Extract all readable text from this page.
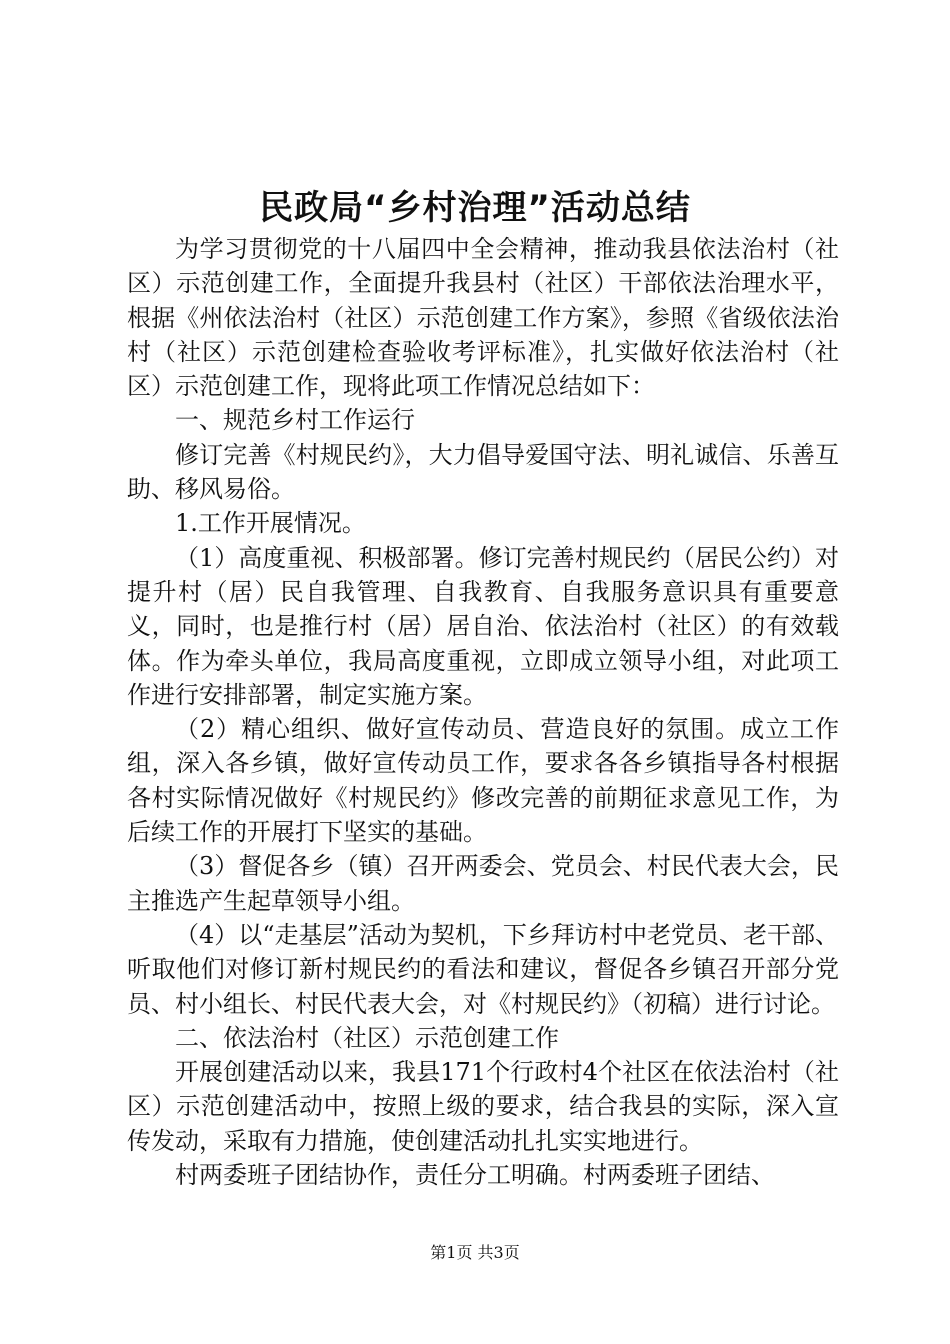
民政局“乡村治理”活动总结

为学习贯彻党的十八届四中全会精神，推动我县依法治村（社区）示范创建工作，全面提升我县村（社区）干部依法治理水平，根据《州依法治村（社区）示范创建工作方案》，参照《省级依法治村（社区）示范创建检查验收考评标准》，扎实做好依法治村（社区）示范创建工作，现将此项工作情况总结如下：

一、规范乡村工作运行

修订完善《村规民约》，大力倡导爱国守法、明礼诚信、乐善互助、移风易俗。

1.工作开展情况。

（1）高度重视、积极部署。修订完善村规民约（居民公约）对提升村（居）民自我管理、自我教育、自我服务意识具有重要意义，同时，也是推行村（居）居自治、依法治村（社区）的有效载体。作为牵头单位，我局高度重视，立即成立领导小组，对此项工作进行安排部署，制定实施方案。

（2）精心组织、做好宣传动员、营造良好的氛围。成立工作组，深入各乡镇，做好宣传动员工作，要求各各乡镇指导各村根据各村实际情况做好《村规民约》修改完善的前期征求意见工作，为后续工作的开展打下坚实的基础。

（3）督促各乡（镇）召开两委会、党员会、村民代表大会，民主推选产生起草领导小组。

（4）以“走基层”活动为契机，下乡拜访村中老党员、老干部、听取他们对修订新村规民约的看法和建议，督促各乡镇召开部分党员、村小组长、村民代表大会，对《村规民约》（初稿）进行讨论。

二、依法治村（社区）示范创建工作

开展创建活动以来，我县171个行政村4个社区在依法治村（社区）示范创建活动中，按照上级的要求，结合我县的实际，深入宣传发动，采取有力措施，使创建活动扎扎实实地进行。

村两委班子团结协作，责任分工明确。村两委班子团结、

第1页 共3页
